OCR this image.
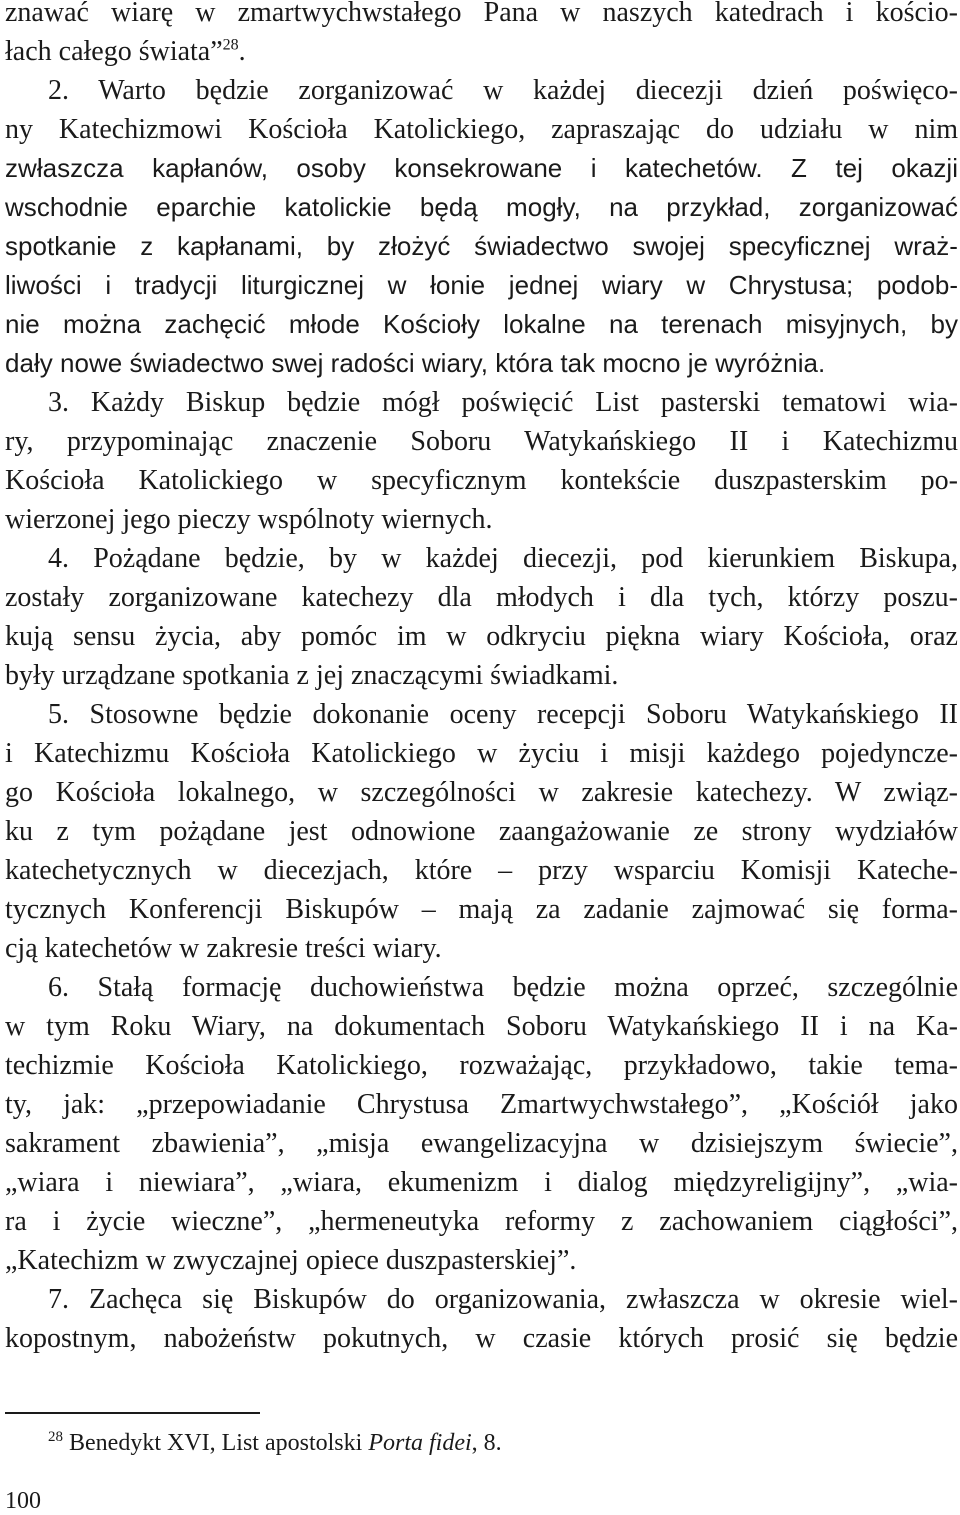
znawać wiarę w zmartwychwstałego Pana w naszych katedrach i kościo-
łach całego świata”$^{28}$.
2. Warto będzie zorganizować w każdej diecezji dzień poświęco-
ny Katechizmowi Kościoła Katolickiego, zapraszając do udziału w nim
zwłaszcza kapłanów, osoby konsekrowane i katechetów. Z tej okazji
wschodnie eparchie katolickie będą mogły, na przykład, zorganizować
spotkanie z kapłanami, by złożyć świadectwo swojej specyficznej wraż-
liwości i tradycji liturgicznej w łonie jednej wiary w Chrystusa; podob-
nie można zachęcić młode Kościoły lokalne na terenach misyjnych, by
dały nowe świadectwo swej radości wiary, która tak mocno je wyróżnia.
3. Każdy Biskup będzie mógł poświęcić List pasterski tematowi wia-
ry, przypominając znaczenie Soboru Watykańskiego II i Katechizmu
Kościoła Katolickiego w specyficznym kontekście duszpasterskim po-
wierzonej jego pieczy wspólnoty wiernych.
4. Pożądane będzie, by w każdej diecezji, pod kierunkiem Biskupa,
zostały zorganizowane katechezy dla młodych i dla tych, którzy poszu-
kują sensu życia, aby pomóc im w odkryciu piękna wiary Kościoła, oraz
były urządzane spotkania z jej znaczącymi świadkami.
5. Stosowne będzie dokonanie oceny recepcji Soboru Watykańskiego II
i Katechizmu Kościoła Katolickiego w życiu i misji każdego pojedyncze-
go Kościoła lokalnego, w szczególności w zakresie katechezy. W związ-
ku z tym pożądane jest odnowione zaangażowanie ze strony wydziałów
katechetycznych w diecezjach, które – przy wsparciu Komisji Kateche-
tycznych Konferencji Biskupów – mają za zadanie zajmować się forma-
cją katechetów w zakresie treści wiary.
6. Stałą formację duchowieństwa będzie można oprzeć, szczególnie
w tym Roku Wiary, na dokumentach Soboru Watykańskiego II i na Ka-
techizmie Kościoła Katolickiego, rozważając, przykładowo, takie tema-
ty, jak: „przepowiadanie Chrystusa Zmartwychwstałego”, „Kościół jako
sakrament zbawienia”, „misja ewangelizacyjna w dzisiejszym świecie”,
„wiara i niewiara”, „wiara, ekumenizm i dialog międzyreligijny”, „wia-
ra i życie wieczne”, „hermeneutyka reformy z zachowaniem ciągłości”,
„Katechizm w zwyczajnej opiece duszpasterskiej”.
7. Zachęca się Biskupów do organizowania, zwłaszcza w okresie wiel-
kopostnym, nabożeństw pokutnych, w czasie których prosić się będzie
$^{28}$ Benedykt XVI, List apostolski Porta fidei, 8.
100
